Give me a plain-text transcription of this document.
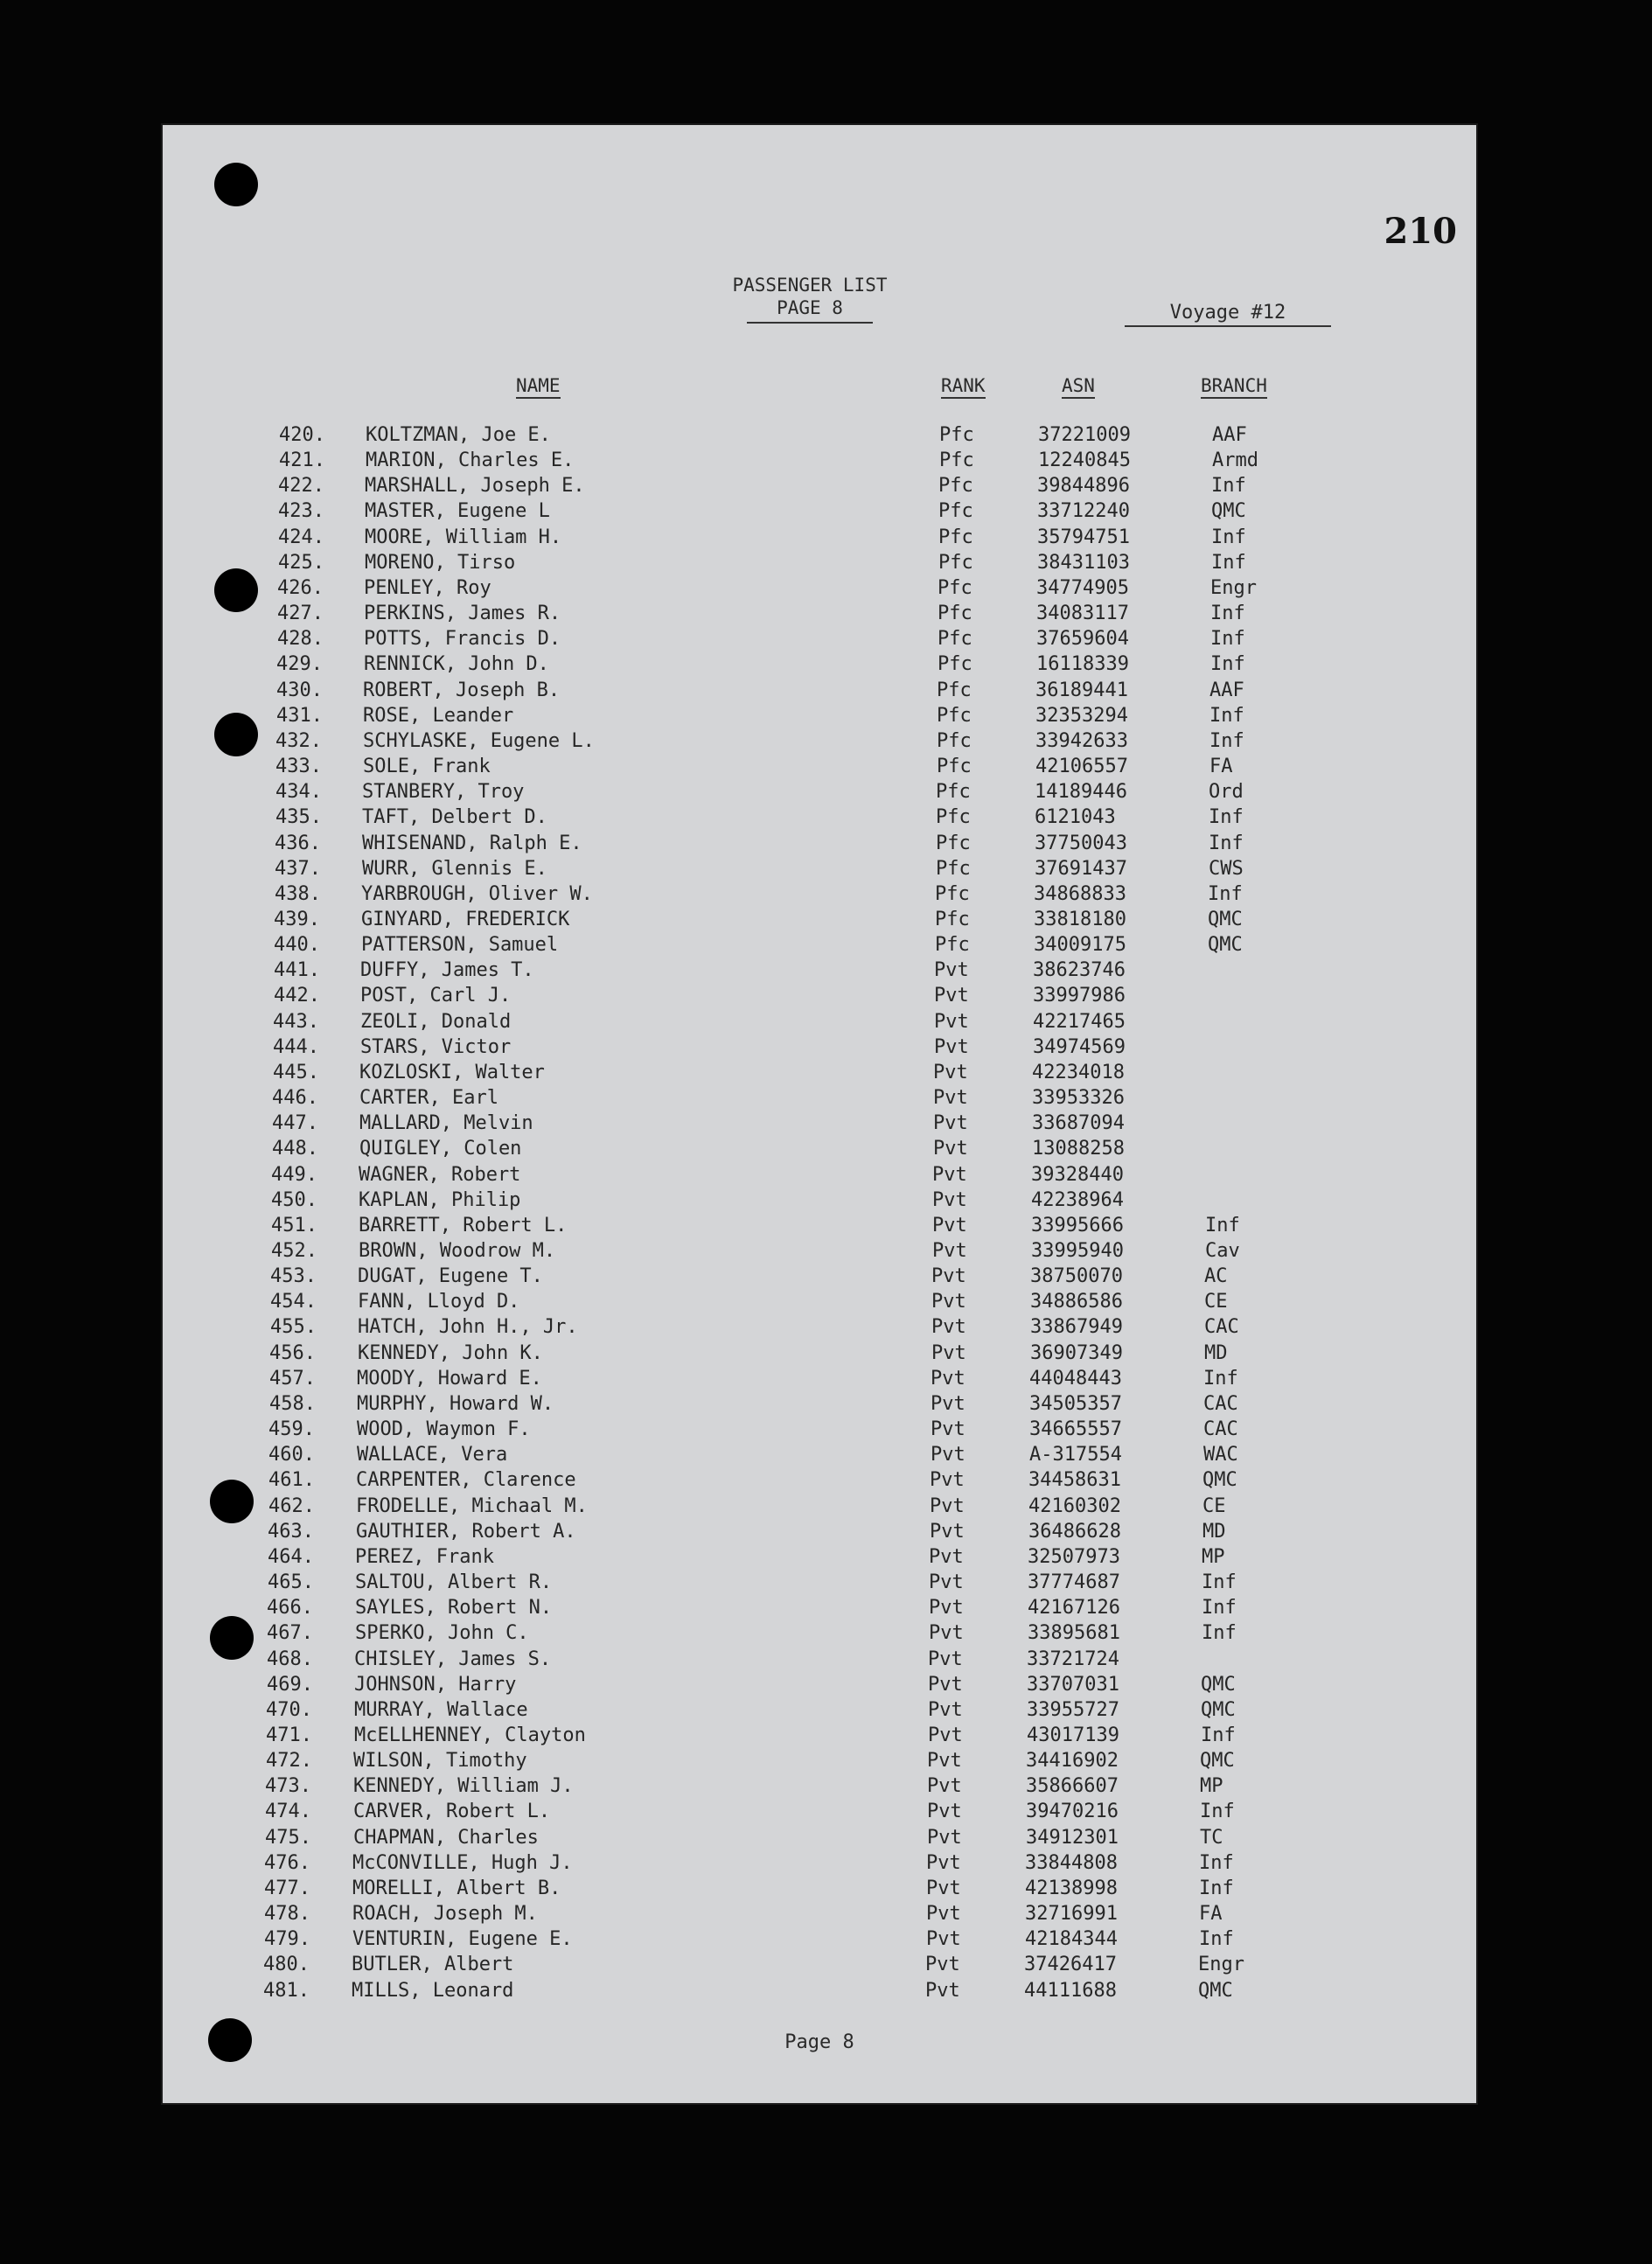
210
PASSENGER LIST
PAGE 8	Voyage #12
NAME	RANK	ASN	BRANCH
420. KOLTZMAN, Joe E.	Pfc	37221009	AAF
421. MARION, Charles E.	Pfc	12240845	Armd
422. MARSHALL, Joseph E.	Pfc	39844896	Inf
423. MASTER, Eugene L	Pfc	33712240	QMC
424. MOORE, William H.	Pfc	35794751	Inf
425. MORENO, Tirso	Pfc	38431103	Inf
426. PENLEY, Roy	Pfc	34774905	Engr
427. PERKINS, James R.	Pfc	34083117	Inf
428. POTTS, Francis D.	Pfc	37659604	Inf
429. RENNICK, John D.	Pfc	16118339	Inf
430. ROBERT, Joseph B.	Pfc	36189441	AAF
431. ROSE, Leander	Pfc	32353294	Inf
432. SCHYLASKE, Eugene L.	Pfc	33942633	Inf
433. SOLE, Frank	Pfc	42106557	FA
434. STANBERY, Troy	Pfc	14189446	Ord
435. TAFT, Delbert D.	Pfc	6121043	Inf
436. WHISENAND, Ralph E.	Pfc	37750043	Inf
437. WURR, Glennis E.	Pfc	37691437	CWS
438. YARBROUGH, Oliver W.	Pfc	34868833	Inf
439. GINYARD, FREDERICK	Pfc	33818180	QMC
440. PATTERSON, Samuel	Pfc	34009175	QMC
441. DUFFY, James T.	Pvt	38623746
442. POST, Carl J.	Pvt	33997986
443. ZEOLI, Donald	Pvt	42217465
444. STARS, Victor	Pvt	34974569
445. KOZLOSKI, Walter	Pvt	42234018
446. CARTER, Earl	Pvt	33953326
447. MALLARD, Melvin	Pvt	33687094
448. QUIGLEY, Colen	Pvt	13088258
449. WAGNER, Robert	Pvt	39328440
450. KAPLAN, Philip	Pvt	42238964
451. BARRETT, Robert L.	Pvt	33995666	Inf
452. BROWN, Woodrow M.	Pvt	33995940	Cav
453. DUGAT, Eugene T.	Pvt	38750070	AC
454. FANN, Lloyd D.	Pvt	34886586	CE
455. HATCH, John H., Jr.	Pvt	33867949	CAC
456. KENNEDY, John K.	Pvt	36907349	MD
457. MOODY, Howard E.	Pvt	44048443	Inf
458. MURPHY, Howard W.	Pvt	34505357	CAC
459. WOOD, Waymon F.	Pvt	34665557	CAC
460. WALLACE, Vera	Pvt	A-317554	WAC
461. CARPENTER, Clarence	Pvt	34458631	QMC
462. FRODELLE, Michaal M.	Pvt	42160302	CE
463. GAUTHIER, Robert A.	Pvt	36486628	MD
464. PEREZ, Frank	Pvt	32507973	MP
465. SALTOU, Albert R.	Pvt	37774687	Inf
466. SAYLES, Robert N.	Pvt	42167126	Inf
467. SPERKO, John C.	Pvt	33895681	Inf
468. CHISLEY, James S.	Pvt	33721724
469. JOHNSON, Harry	Pvt	33707031	QMC
470. MURRAY, Wallace	Pvt	33955727	QMC
471. McELLHENNEY, Clayton	Pvt	43017139	Inf
472. WILSON, Timothy	Pvt	34416902	QMC
473. KENNEDY, William J.	Pvt	35866607	MP
474. CARVER, Robert L.	Pvt	39470216	Inf
475. CHAPMAN, Charles	Pvt	34912301	TC
476. McCONVILLE, Hugh J.	Pvt	33844808	Inf
477. MORELLI, Albert B.	Pvt	42138998	Inf
478. ROACH, Joseph M.	Pvt	32716991	FA
479. VENTURIN, Eugene E.	Pvt	42184344	Inf
480. BUTLER, Albert	Pvt	37426417	Engr
481. MILLS, Leonard	Pvt	44111688	QMC
Page 8
